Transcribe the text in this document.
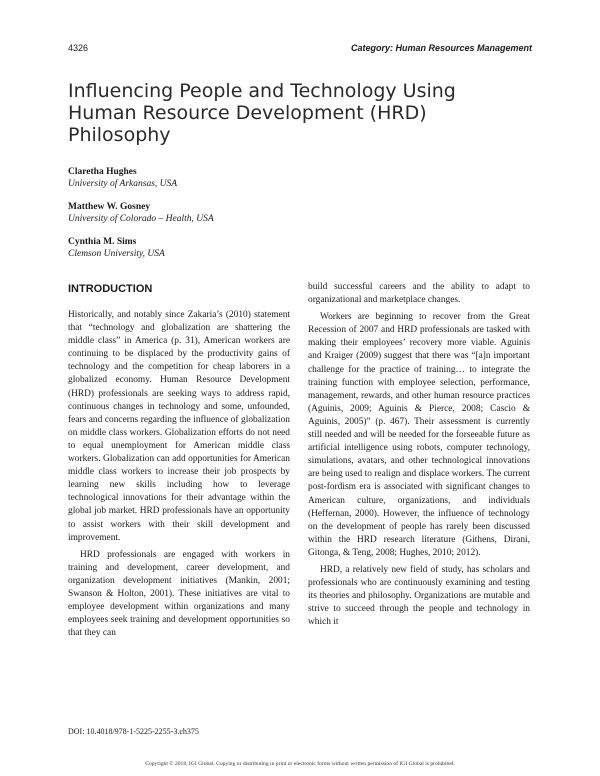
4326	Category: Human Resources Management
Influencing People and Technology Using Human Resource Development (HRD) Philosophy
Claretha Hughes
University of Arkansas, USA
Matthew W. Gosney
University of Colorado – Health, USA
Cynthia M. Sims
Clemson University, USA
INTRODUCTION

Historically, and notably since Zakaria’s (2010) statement that “technology and globalization are shattering the middle class” in America (p. 31), American workers are continuing to be displaced by the productivity gains of technology and the competition for cheap laborers in a globalized economy. Human Resource Development (HRD) professionals are seeking ways to address rapid, continuous changes in technology and some, unfounded, fears and concerns regarding the influence of globalization on middle class workers. Globalization efforts do not need to equal unemployment for American middle class workers. Globalization can add opportunities for American middle class workers to increase their job prospects by learning new skills including how to leverage technological innovations for their advantage within the global job market. HRD professionals have an opportunity to assist workers with their skill development and improvement.

HRD professionals are engaged with workers in training and development, career development, and organization development initiatives (Mankin, 2001; Swanson & Holton, 2001). These initiatives are vital to employee development within organizations and many employees seek training and development opportunities so that they can

build successful careers and the ability to adapt to organizational and marketplace changes.

Workers are beginning to recover from the Great Recession of 2007 and HRD professionals are tasked with making their employees’ recovery more viable. Aguinis and Kraiger (2009) suggest that there was “[a]n important challenge for the practice of training… to integrate the training function with employee selection, performance, management, rewards, and other human resource practices (Aguinis, 2009; Aguinis & Pierce, 2008; Cascio & Aguinis, 2005)” (p. 467). Their assessment is currently still needed and will be needed for the forseeable future as artificial intelligence using robots, computer technology, simulations, avatars, and other technological innovations are being used to realign and displace workers. The current post-fordism era is associated with significant changes to American culture, organizations, and individuals (Heffernan, 2000). However, the influence of technology on the development of people has rarely been discussed within the HRD research literature (Githens, Dirani, Gitonga, & Teng, 2008; Hughes, 2010; 2012).

HRD, a relatively new field of study, has scholars and professionals who are continuously examining and testing its theories and philosophy. Organizations are mutable and strive to succeed through the people and technology in which it

DOI: 10.4018/978-1-5225-2255-3.ch375
Copyright © 2018, IGI Global. Copying or distributing in print or electronic forms without written permission of IGI Global is prohibited.
